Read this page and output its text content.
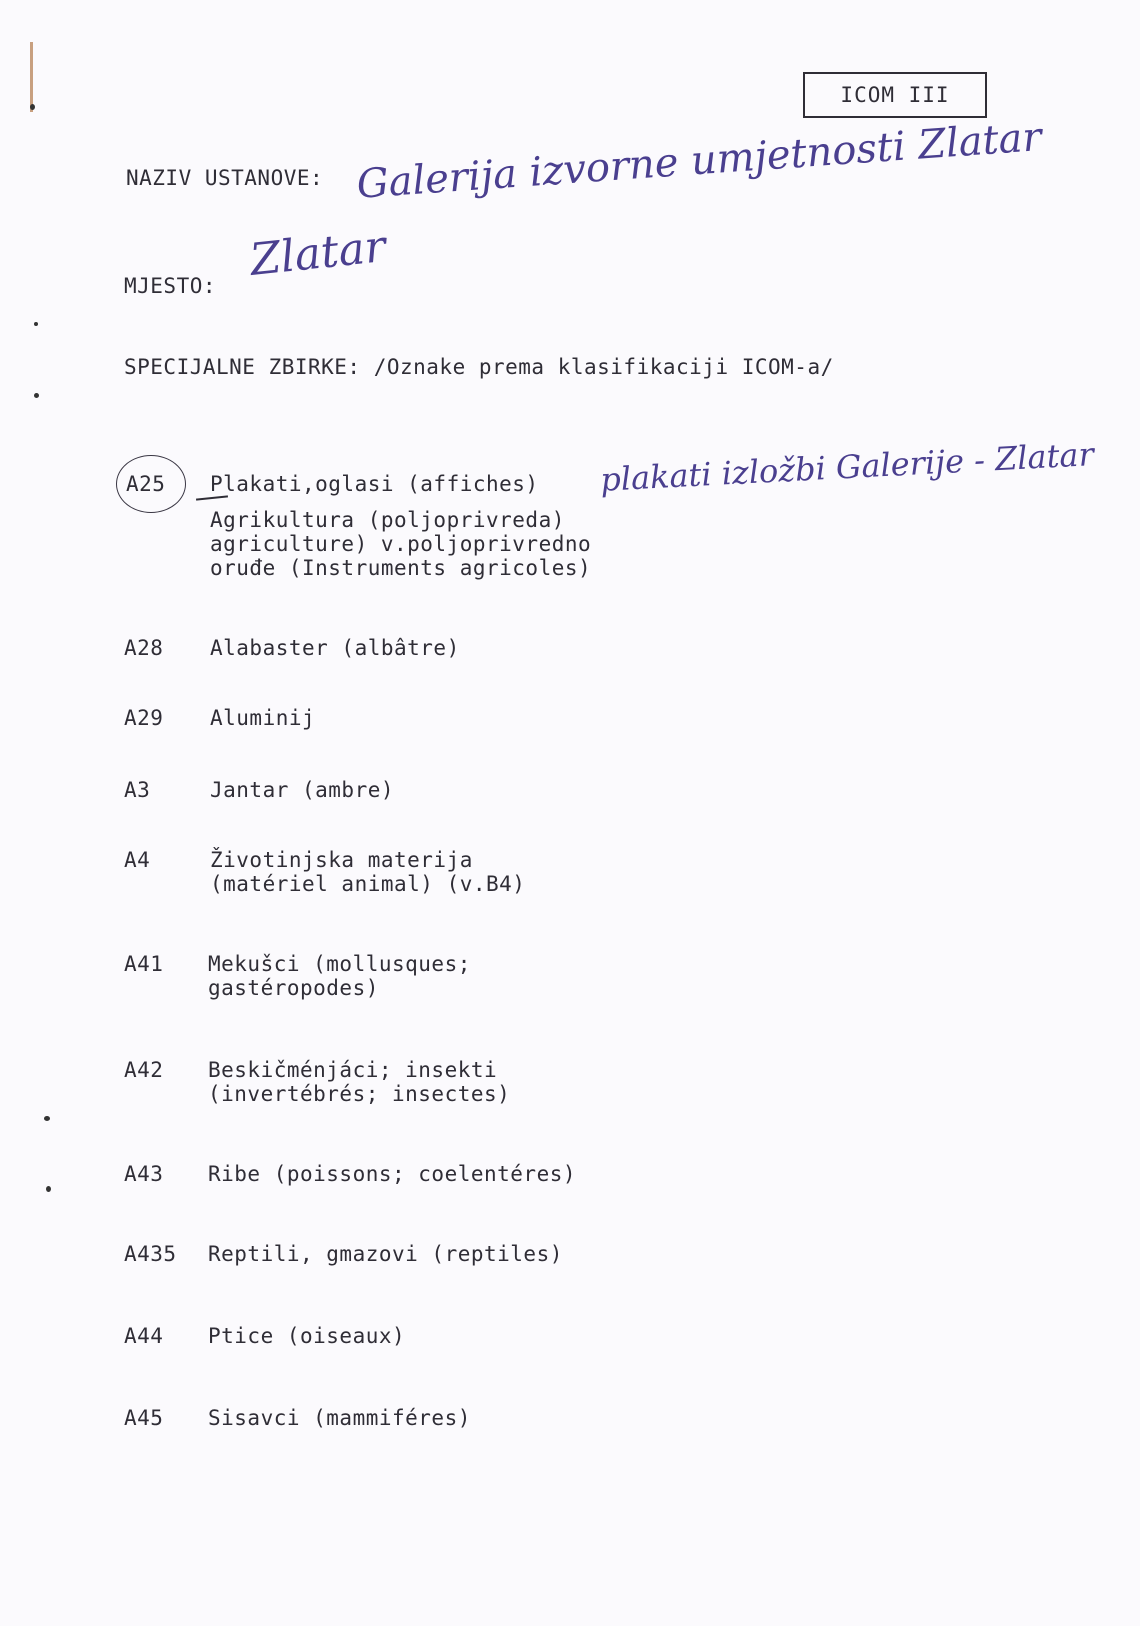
ICOM III
NAZIV USTANOVE: Galerija izvorne umjetnosti Zlatar
MJESTO:
Zlatar
SPECIJALNE ZBIRKE: /Oznake prema klasifikaciji ICOM-a/
A25 Plakati,oglasi (affiches) plakati izložbi Galerije - Zlatar
Agrikultura (poljoprivreda)
agriculture) v.poljoprivredno
oruđe (Instruments agricoles)
A28 Alabaster (albâtre)
A29 Aluminij
A3	Jantar (ambre)
A4	Životinjska materija
(matériel animal) (v.B4)
A41 Mekušci (mollusques;
gastéropodes)
A42 Beskičménjáci; insekti
(invertébrés; insectes)
A43 Ribe (poissons; coelentéres)
A435 Reptili, gmazovi (reptiles)
A44 Ptice (oiseaux)
A45 Sisavci (mammiféres)
